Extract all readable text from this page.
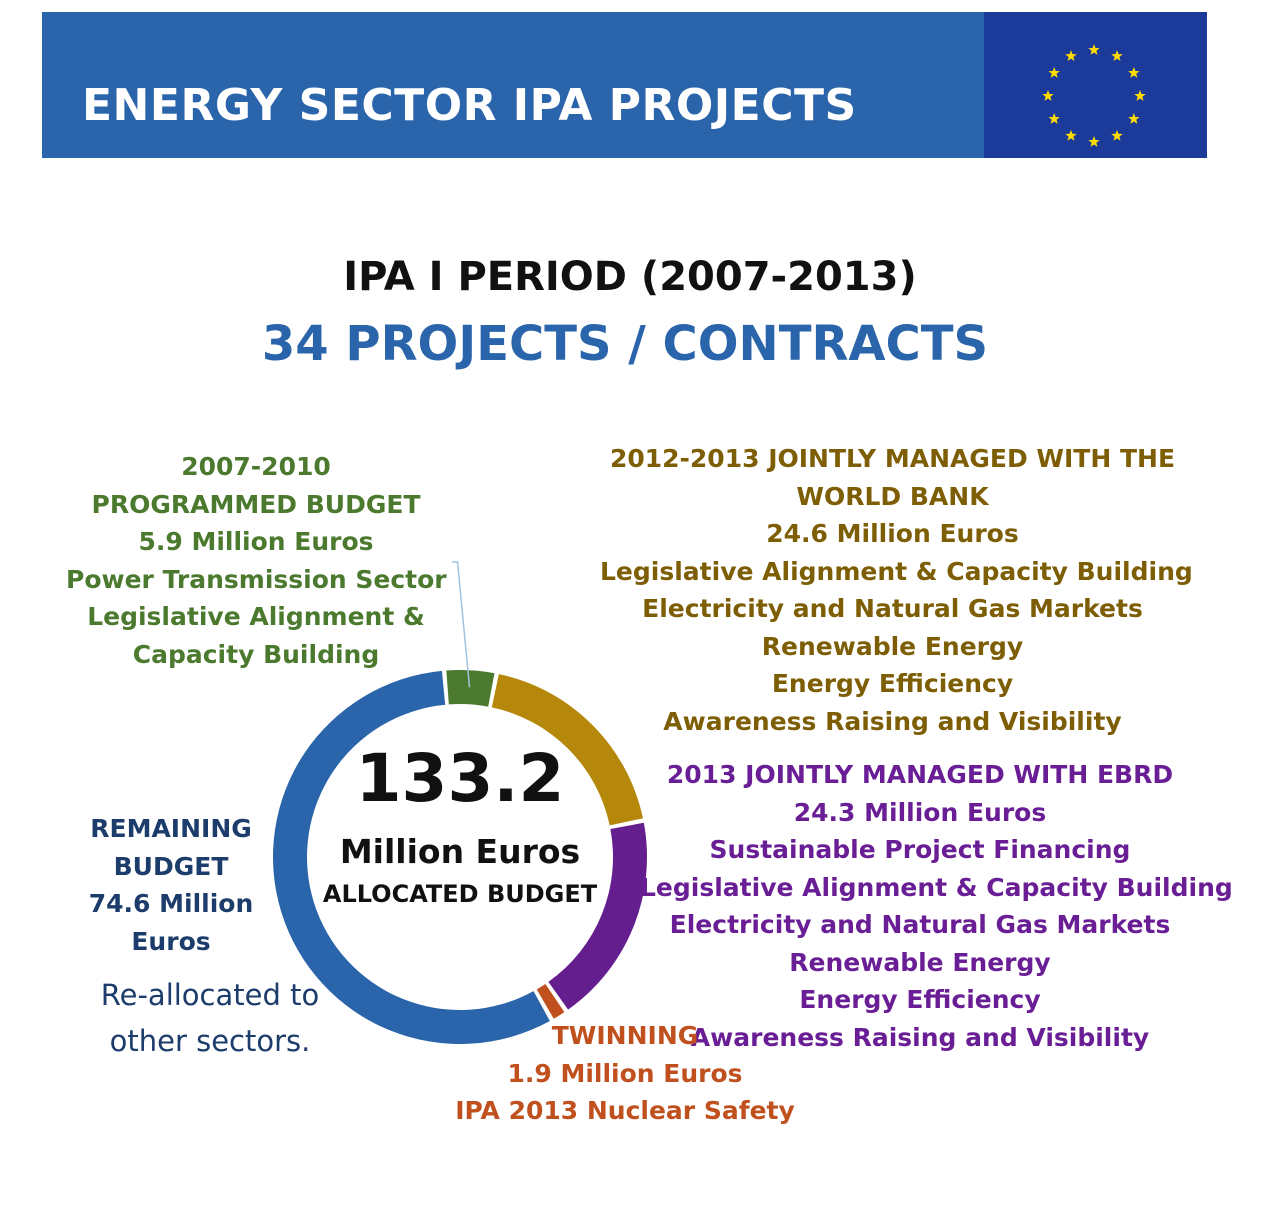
ENERGY SECTOR IPA PROJECTS
IPA I PERIOD (2007-2013)
34 PROJECTS / CONTRACTS
133.2
Million Euros
ALLOCATED BUDGET
2007-2010
PROGRAMMED BUDGET
5.9 Million Euros
Power Transmission Sector
Legislative Alignment &
Capacity Building
2012-2013 JOINTLY MANAGED WITH THE
WORLD BANK
24.6 Million Euros
Legislative Alignment & Capacity Building
Electricity and Natural Gas Markets
Renewable Energy
Energy Efficiency
Awareness Raising and Visibility
2013 JOINTLY MANAGED WITH EBRD
24.3 Million Euros
Sustainable Project Financing
Legislative Alignment & Capacity Building
Electricity and Natural Gas Markets
Renewable Energy
Energy Efficiency
Awareness Raising and Visibility
TWINNING
1.9 Million Euros
IPA 2013 Nuclear Safety
REMAINING
BUDGET
74.6 Million
Euros
Re-allocated to
other sectors.
